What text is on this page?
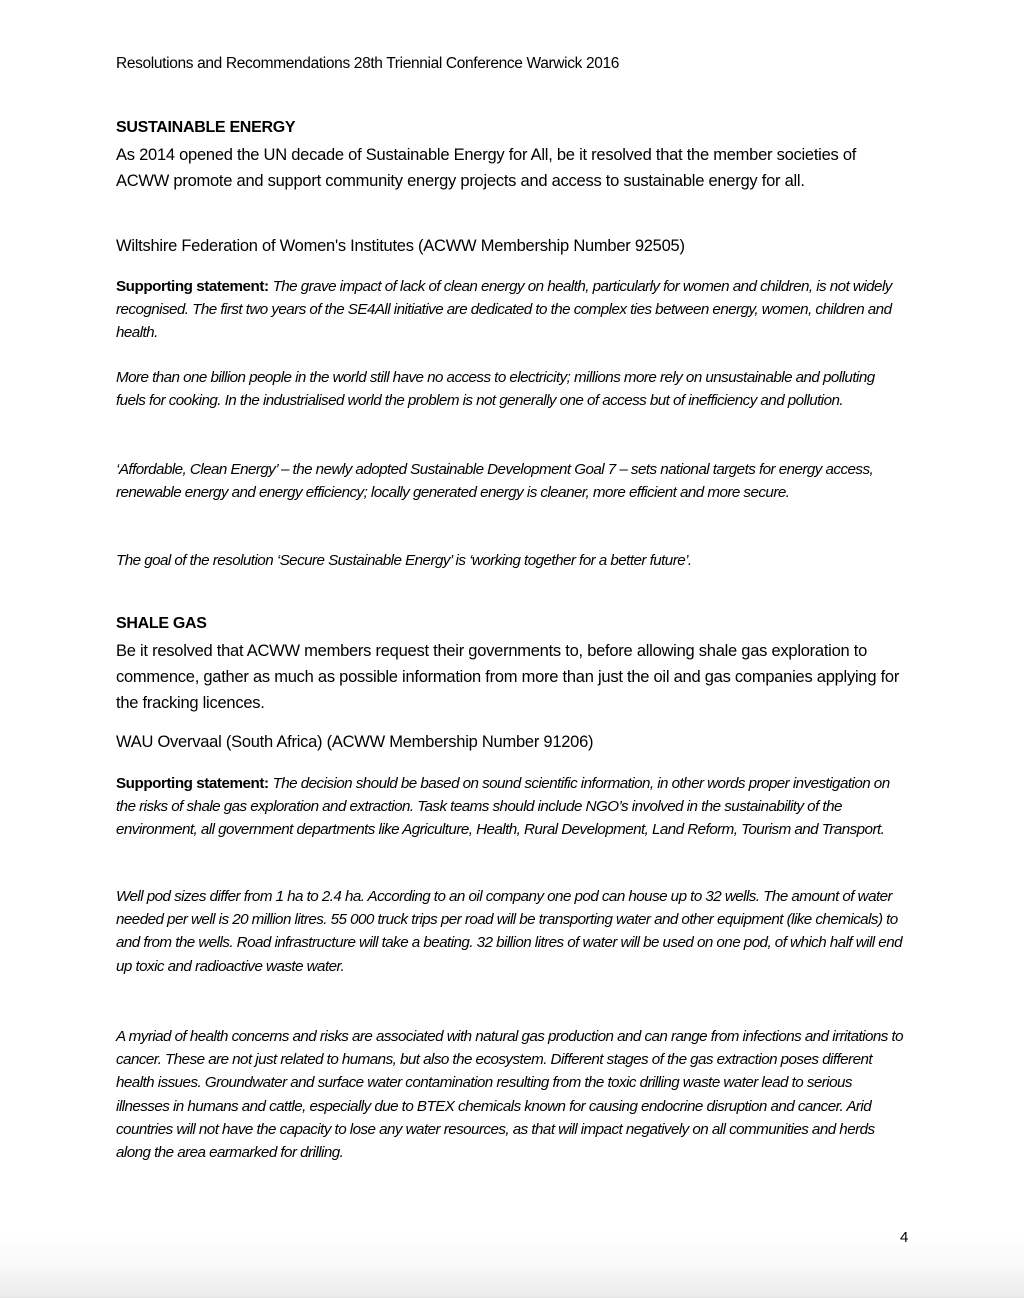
Resolutions and Recommendations 28th Triennial Conference Warwick 2016
SUSTAINABLE ENERGY
As 2014 opened the UN decade of Sustainable Energy for All, be it resolved that the member societies of ACWW promote and support community energy projects and access to sustainable energy for all.
Wiltshire Federation of Women's Institutes (ACWW Membership Number 92505)
Supporting statement: The grave impact of lack of clean energy on health, particularly for women and children, is not widely recognised. The first two years of the SE4All initiative are dedicated to the complex ties between energy, women, children and health.
More than one billion people in the world still have no access to electricity; millions more rely on unsustainable and polluting fuels for cooking. In the industrialised world the problem is not generally one of access but of inefficiency and pollution.
‘Affordable, Clean Energy’ – the newly adopted Sustainable Development Goal 7 – sets national targets for energy access, renewable energy and energy efficiency; locally generated energy is cleaner, more efficient and more secure.
The goal of the resolution ‘Secure Sustainable Energy’ is ‘working together for a better future’.
SHALE GAS
Be it resolved that ACWW members request their governments to, before allowing shale gas exploration to commence, gather as much as possible information from more than just the oil and gas companies applying for the fracking licences.
WAU Overvaal (South Africa) (ACWW Membership Number 91206)
Supporting statement: The decision should be based on sound scientific information, in other words proper investigation on the risks of shale gas exploration and extraction. Task teams should include NGO’s involved in the sustainability of the environment, all government departments like Agriculture, Health, Rural Development, Land Reform, Tourism and Transport.
Well pod sizes differ from 1 ha to 2.4 ha. According to an oil company one pod can house up to 32 wells. The amount of water needed per well is 20 million litres. 55 000 truck trips per road will be transporting water and other equipment (like chemicals) to and from the wells. Road infrastructure will take a beating. 32 billion litres of water will be used on one pod, of which half will end up toxic and radioactive waste water.
A myriad of health concerns and risks are associated with natural gas production and can range from infections and irritations to cancer. These are not just related to humans, but also the ecosystem. Different stages of the gas extraction poses different health issues. Groundwater and surface water contamination resulting from the toxic drilling waste water lead to serious illnesses in humans and cattle, especially due to BTEX chemicals known for causing endocrine disruption and cancer. Arid countries will not have the capacity to lose any water resources, as that will impact negatively on all communities and herds along the area earmarked for drilling.
4
